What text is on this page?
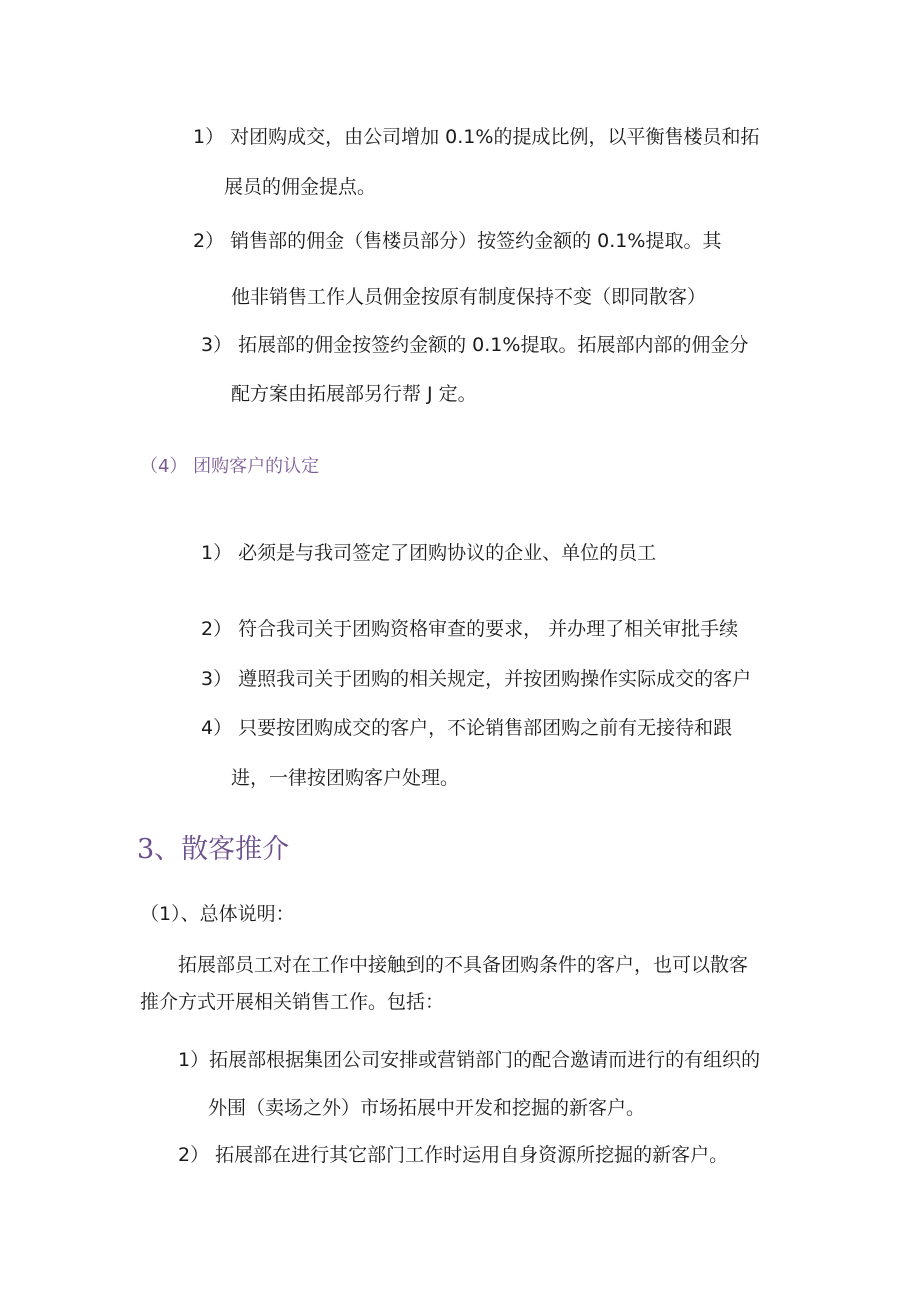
1） 对团购成交，由公司增加 0.1%的提成比例，以平衡售楼员和拓
展员的佣金提点。
2） 销售部的佣金（售楼员部分）按签约金额的 0.1%提取。其
他非销售工作人员佣金按原有制度保持不变（即同散客）
3） 拓展部的佣金按签约金额的 0.1%提取。拓展部内部的佣金分
配方案由拓展部另行帮 J 定。
（4） 团购客户的认定
1） 必须是与我司签定了团购协议的企业、单位的员工
2） 符合我司关于团购资格审查的要求， 并办理了相关审批手续
3） 遵照我司关于团购的相关规定，并按团购操作实际成交的客户
4） 只要按团购成交的客户，不论销售部团购之前有无接待和跟
进，一律按团购客户处理。
3、散客推介
（1）、总体说明：
拓展部员工对在工作中接触到的不具备团购条件的客户，也可以散客
推介方式开展相关销售工作。包括：
1）拓展部根据集团公司安排或营销部门的配合邀请而进行的有组织的
外围（卖场之外）市场拓展中开发和挖掘的新客户。
2） 拓展部在进行其它部门工作时运用自身资源所挖掘的新客户。
